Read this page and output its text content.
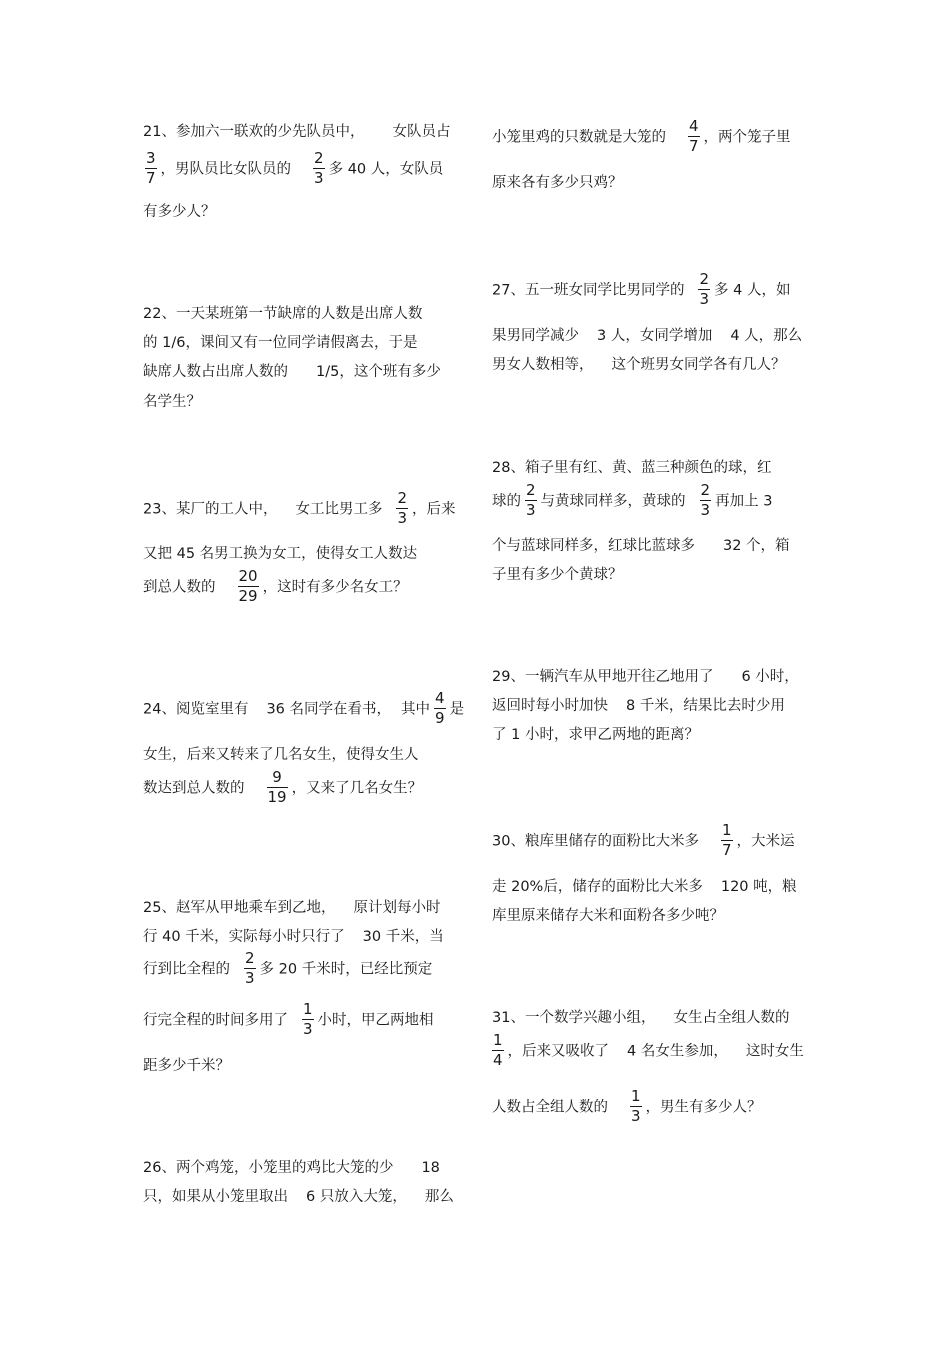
21、参加六一联欢的少先队员中， 女队员占
$\frac{3}{7}$ ，男队员比女队员的 $\frac{2}{3}$ 多 40 人，女队员
有多少人？
22、一天某班第一节缺席的人数是出席人数
的 1/6，课间又有一位同学请假离去，于是
缺席人数占出席人数的 1/5，这个班有多少
名学生？
23、某厂的工人中， 女工比男工多 $\frac{2}{3}$ ，后来
又把 45 名男工换为女工，使得女工人数达
到总人数的 $\frac{20}{29}$ ，这时有多少名女工？
24、阅览室里有 36 名同学在看书， 其中 $\frac{4}{9}$ 是
女生，后来又转来了几名女生，使得女生人
数达到总人数的 $\frac{9}{19}$ ，又来了几名女生？
25、赵军从甲地乘车到乙地， 原计划每小时
行 40 千米，实际每小时只行了 30 千米，当
行到比全程的 $\frac{2}{3}$ 多 20 千米时，已经比预定
行完全程的时间多用了 $\frac{1}{3}$ 小时，甲乙两地相
距多少千米？
26、两个鸡笼，小笼里的鸡比大笼的少 18
只，如果从小笼里取出 6 只放入大笼， 那么
小笼里鸡的只数就是大笼的 $\frac{4}{7}$ ，两个笼子里
原来各有多少只鸡？
27、五一班女同学比男同学的 $\frac{2}{3}$ 多 4 人，如
果男同学减少 3 人，女同学增加 4 人，那么
男女人数相等， 这个班男女同学各有几人？
28、箱子里有红、黄、蓝三种颜色的球，红
球的 $\frac{2}{3}$ 与黄球同样多，黄球的 $\frac{2}{3}$ 再加上 3
个与蓝球同样多，红球比蓝球多 32 个，箱
子里有多少个黄球？
29、一辆汽车从甲地开往乙地用了 6 小时，
返回时每小时加快 8 千米，结果比去时少用
了 1 小时，求甲乙两地的距离？
30、粮库里储存的面粉比大米多 $\frac{1}{7}$ ，大米运
走 20%后，储存的面粉比大米多 120 吨，粮
库里原来储存大米和面粉各多少吨？
31、一个数学兴趣小组， 女生占全组人数的
$\frac{1}{4}$ ，后来又吸收了 4 名女生参加， 这时女生
人数占全组人数的 $\frac{1}{3}$ ，男生有多少人？
